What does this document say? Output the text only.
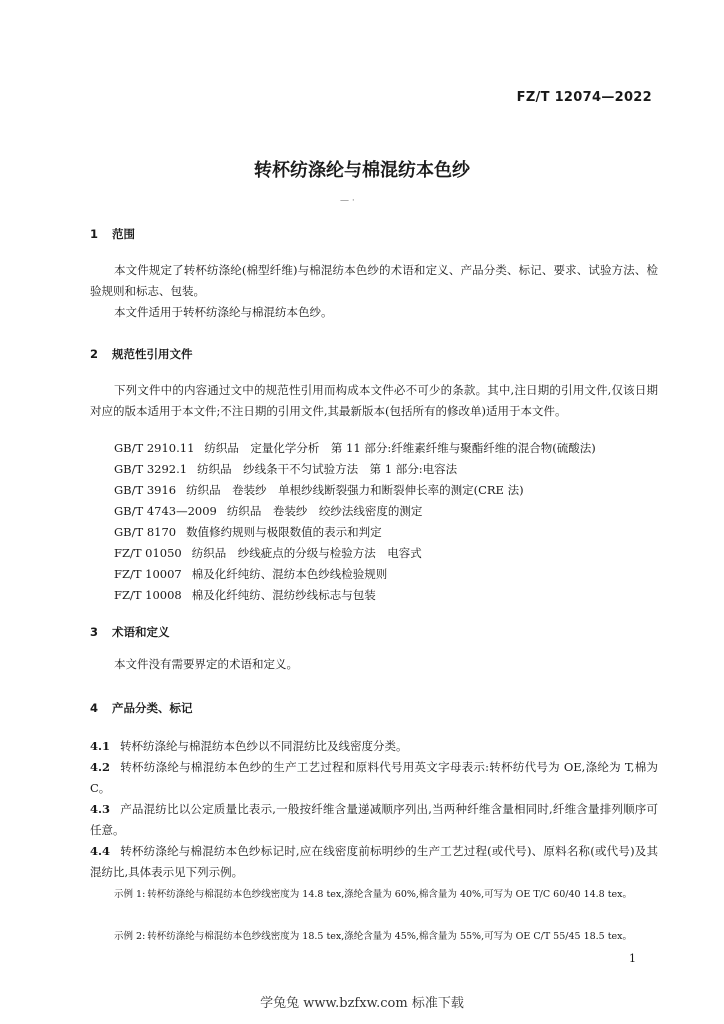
FZ/T 12074—2022
转杯纺涤纶与棉混纺本色纱
— ·
1 范围

本文件规定了转杯纺涤纶(棉型纤维)与棉混纺本色纱的术语和定义、产品分类、标记、要求、试验方法、检验规则和标志、包装。

本文件适用于转杯纺涤纶与棉混纺本色纱。

2 规范性引用文件

下列文件中的内容通过文中的规范性引用而构成本文件必不可少的条款。其中,注日期的引用文件,仅该日期对应的版本适用于本文件;不注日期的引用文件,其最新版本(包括所有的修改单)适用于本文件。

GB/T 2910.11 纺织品　定量化学分析　第 11 部分:纤维素纤维与聚酯纤维的混合物(硫酸法)
GB/T 3292.1 纺织品　纱线条干不匀试验方法　第 1 部分:电容法
GB/T 3916 纺织品　卷装纱　单根纱线断裂强力和断裂伸长率的测定(CRE 法)
GB/T 4743—2009 纺织品　卷装纱　绞纱法线密度的测定
GB/T 8170 数值修约规则与极限数值的表示和判定
FZ/T 01050 纺织品　纱线疵点的分级与检验方法　电容式
FZ/T 10007 棉及化纤纯纺、混纺本色纱线检验规则
FZ/T 10008 棉及化纤纯纺、混纺纱线标志与包装
3 术语和定义

本文件没有需要界定的术语和定义。

4 产品分类、标记

4.1 转杯纺涤纶与棉混纺本色纱以不同混纺比及线密度分类。

4.2 转杯纺涤纶与棉混纺本色纱的生产工艺过程和原料代号用英文字母表示:转杯纺代号为 OE,涤纶为 T,棉为 C。

4.3 产品混纺比以公定质量比表示,一般按纤维含量递减顺序列出,当两种纤维含量相同时,纤维含量排列顺序可任意。

4.4 转杯纺涤纶与棉混纺本色纱标记时,应在线密度前标明纱的生产工艺过程(或代号)、原料名称(或代号)及其混纺比,具体表示见下列示例。

示例 1: 转杯纺涤纶与棉混纺本色纱线密度为 14.8 tex,涤纶含量为 60%,棉含量为 40%,可写为 OE T/C 60/40 14.8 tex。

示例 2: 转杯纺涤纶与棉混纺本色纱线密度为 18.5 tex,涤纶含量为 45%,棉含量为 55%,可写为 OE C/T 55/45 18.5 tex。

1
学兔兔 www.bzfxw.com 标准下载
